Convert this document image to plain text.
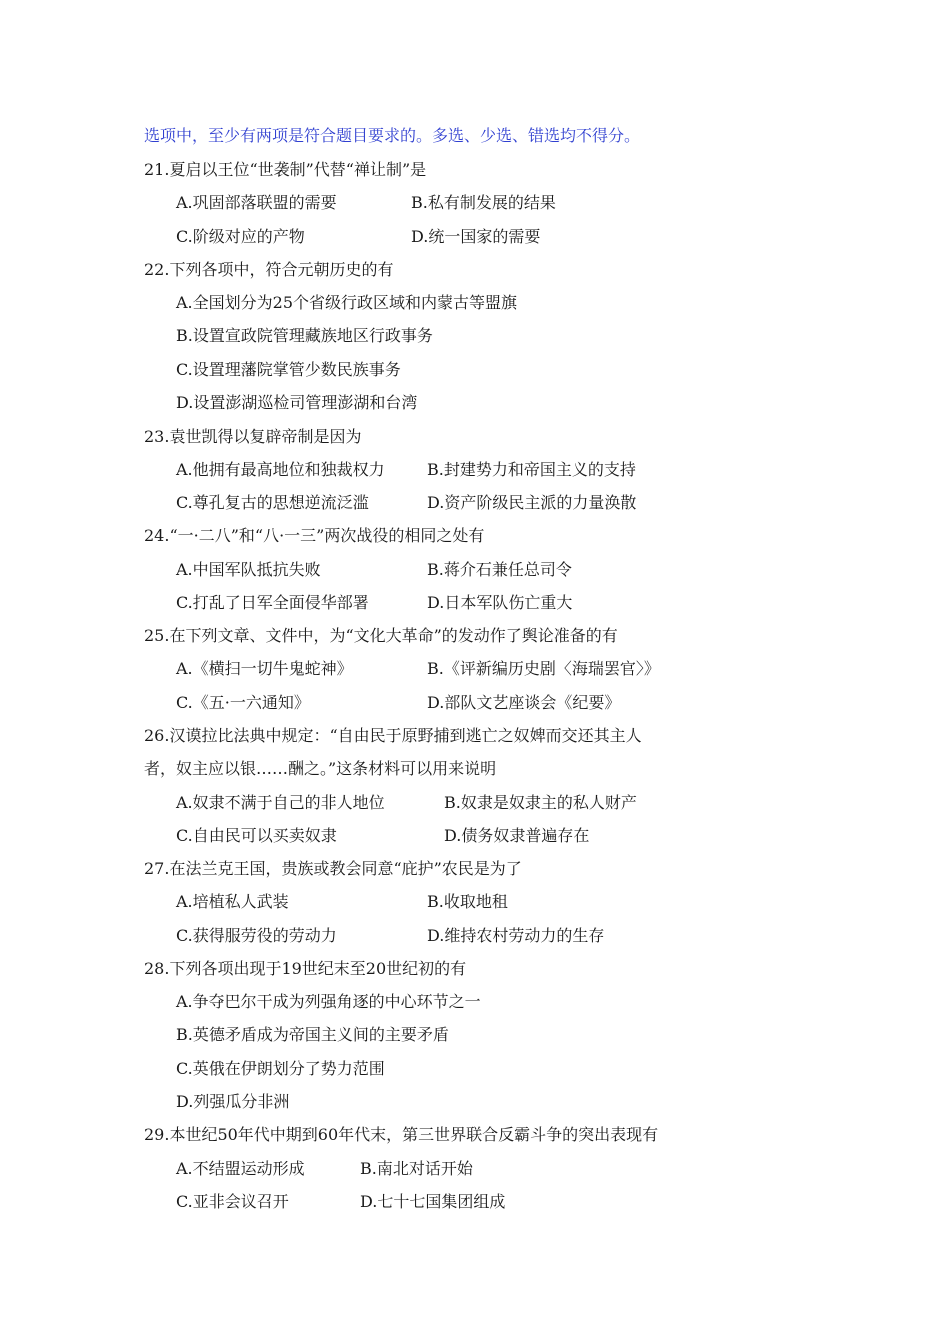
选项中，至少有两项是符合题目要求的。多选、少选、错选均不得分。
21.夏启以王位“世袭制”代替“禅让制”是
A.巩固部落联盟的需要	B.私有制发展的结果
C.阶级对应的产物	D.统一国家的需要
22.下列各项中，符合元朝历史的有
A.全国划分为25个省级行政区域和内蒙古等盟旗
B.设置宣政院管理藏族地区行政事务
C.设置理藩院掌管少数民族事务
D.设置澎湖巡检司管理澎湖和台湾
23.袁世凯得以复辟帝制是因为
A.他拥有最高地位和独裁权力	B.封建势力和帝国主义的支持
C.尊孔复古的思想逆流泛滥	D.资产阶级民主派的力量涣散
24.“一·二八”和“八·一三”两次战役的相同之处有
A.中国军队抵抗失败	B.蒋介石兼任总司令
C.打乱了日军全面侵华部署	D.日本军队伤亡重大
25.在下列文章、文件中，为“文化大革命”的发动作了舆论准备的有
A.《横扫一切牛鬼蛇神》	B.《评新编历史剧〈海瑞罢官〉》
C.《五·一六通知》	D.部队文艺座谈会《纪要》
26.汉谟拉比法典中规定：“自由民于原野捕到逃亡之奴婢而交还其主人
者，奴主应以银……酬之。”这条材料可以用来说明
A.奴隶不满于自己的非人地位	B.奴隶是奴隶主的私人财产
C.自由民可以买卖奴隶	D.债务奴隶普遍存在
27.在法兰克王国，贵族或教会同意“庇护”农民是为了
A.培植私人武装	B.收取地租
C.获得服劳役的劳动力	D.维持农村劳动力的生存
28.下列各项出现于19世纪末至20世纪初的有
A.争夺巴尔干成为列强角逐的中心环节之一
B.英德矛盾成为帝国主义间的主要矛盾
C.英俄在伊朗划分了势力范围
D.列强瓜分非洲
29.本世纪50年代中期到60年代末，第三世界联合反霸斗争的突出表现有
A.不结盟运动形成	B.南北对话开始
C.亚非会议召开	D.七十七国集团组成
